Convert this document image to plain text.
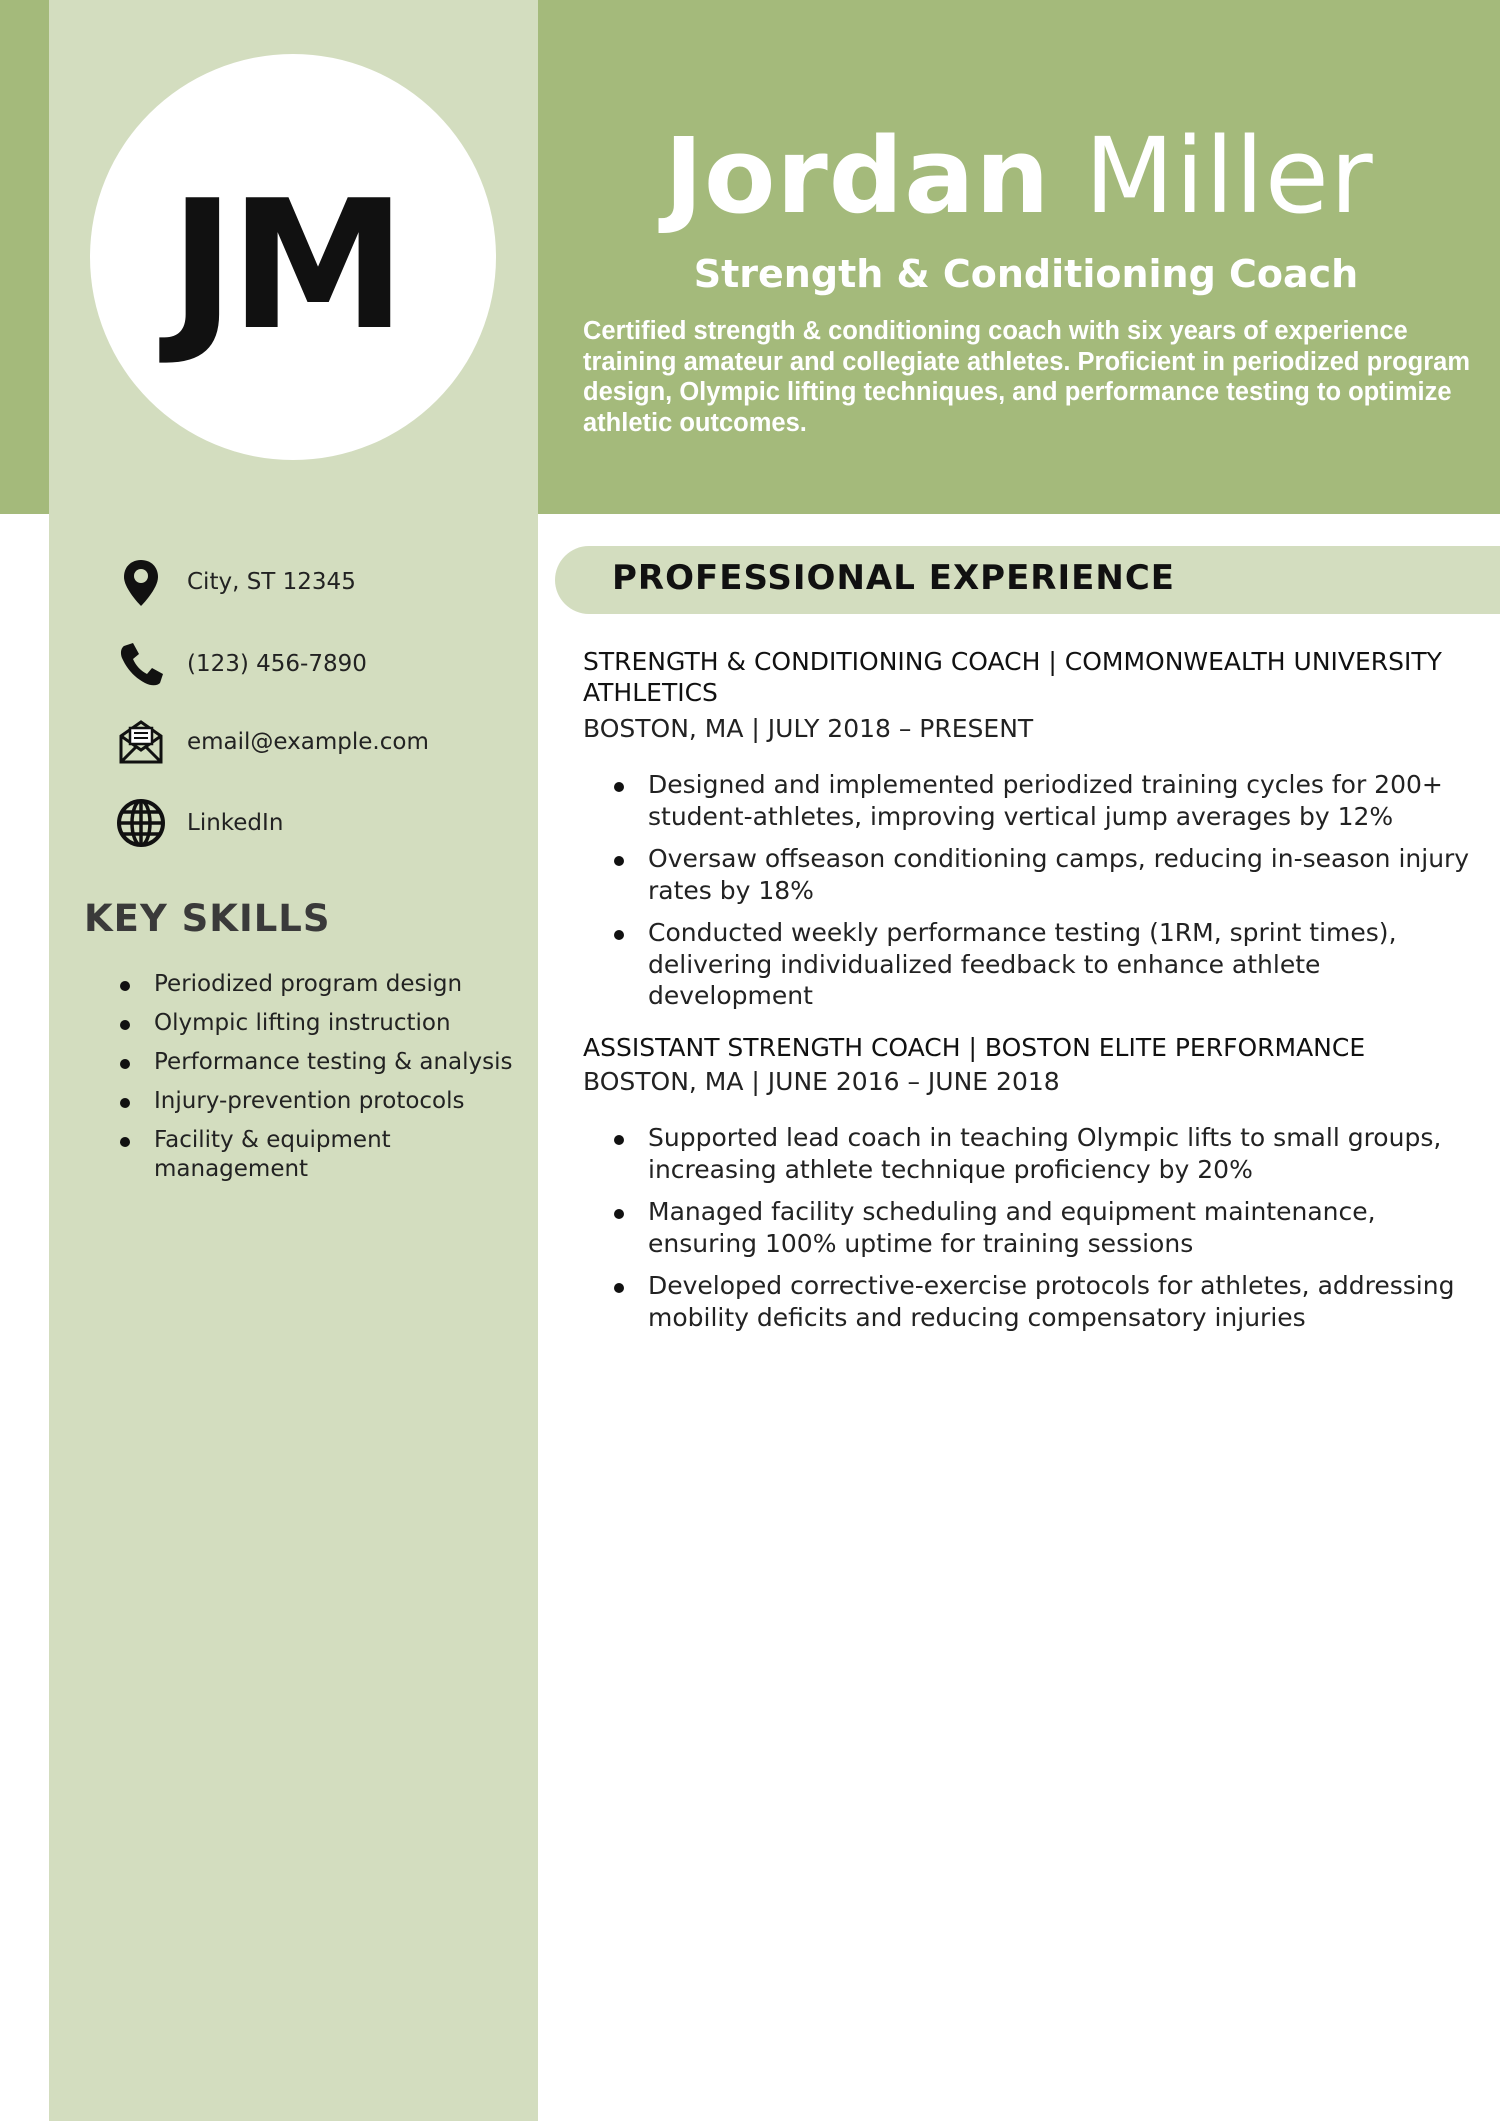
JM	Jordan Miller
Strength & Conditioning Coach
Certified strength & conditioning coach with six years of experience training amateur and collegiate athletes. Proficient in periodized program design, Olympic lifting techniques, and performance testing to optimize athletic outcomes.
City, ST 12345
(123) 456-7890
email@example.com
LinkedIn
KEY SKILLS
Periodized program design
Olympic lifting instruction
Performance testing & analysis
Injury-prevention protocols
Facility & equipment management
PROFESSIONAL EXPERIENCE
STRENGTH & CONDITIONING COACH | COMMONWEALTH UNIVERSITY ATHLETICS
BOSTON, MA | JULY 2018 – PRESENT
Designed and implemented periodized training cycles for 200+ student-athletes, improving vertical jump averages by 12%
Oversaw offseason conditioning camps, reducing in-season injury rates by 18%
Conducted weekly performance testing (1RM, sprint times), delivering individualized feedback to enhance athlete development
ASSISTANT STRENGTH COACH | BOSTON ELITE PERFORMANCE
BOSTON, MA | JUNE 2016 – JUNE 2018
Supported lead coach in teaching Olympic lifts to small groups, increasing athlete technique proficiency by 20%
Managed facility scheduling and equipment maintenance, ensuring 100% uptime for training sessions
Developed corrective-exercise protocols for athletes, addressing mobility deficits and reducing compensatory injuries
